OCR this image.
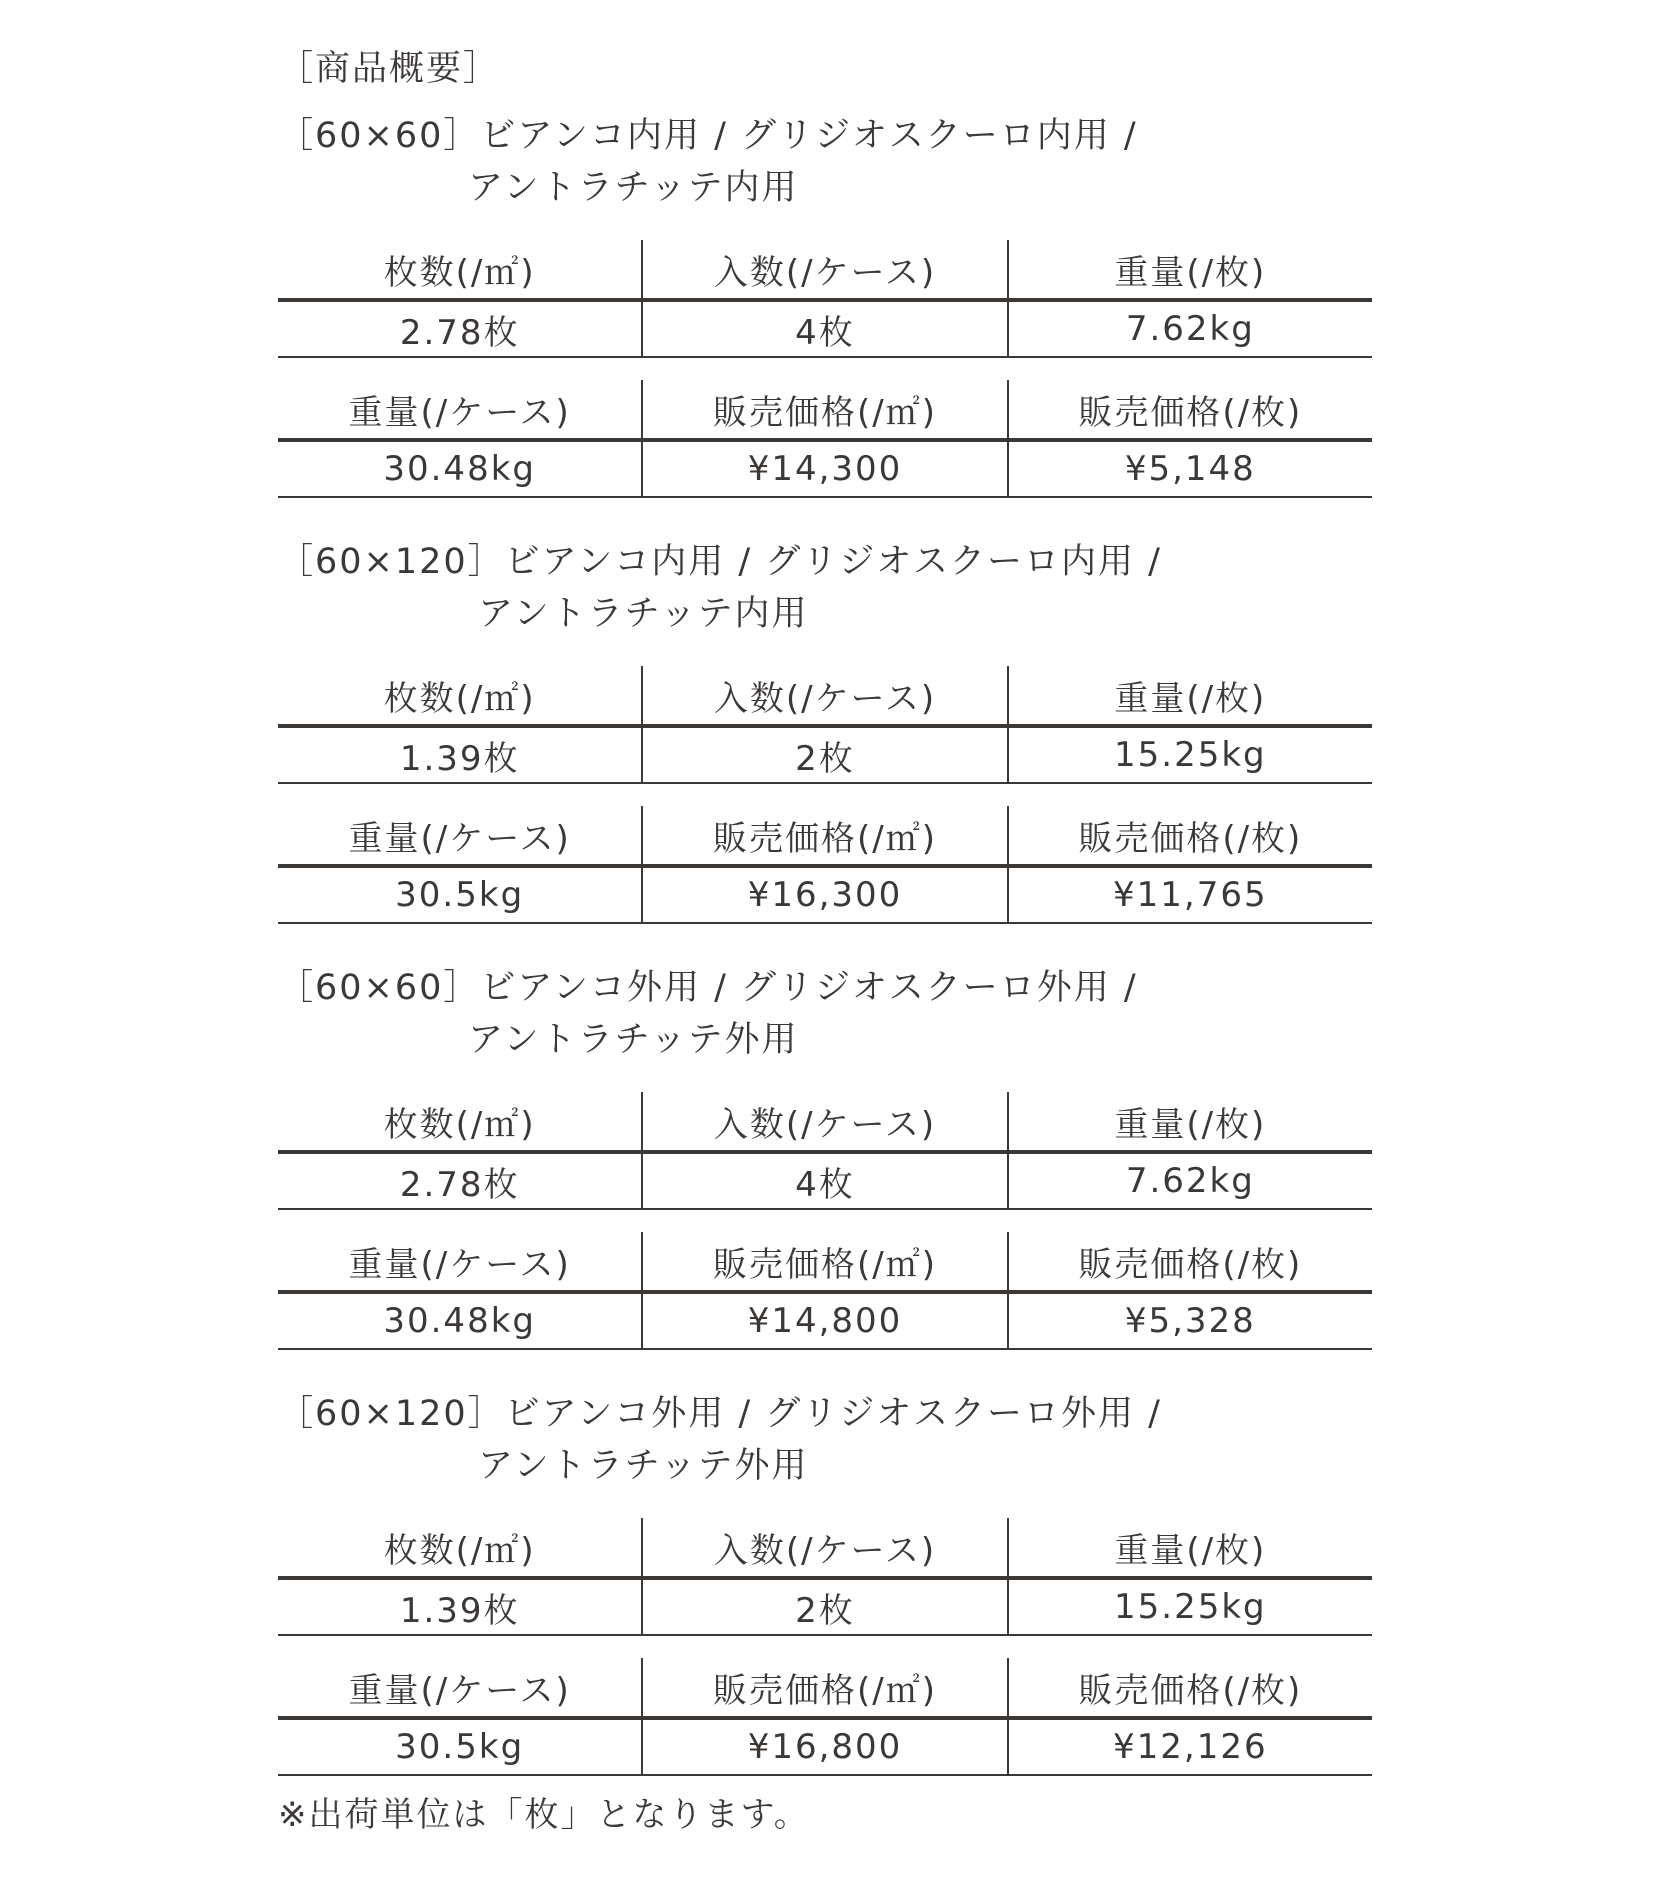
［商品概要］
［60×60］ビアンコ内用 / グリジオスクーロ内用 /
アントラチッテ内用
枚数(/㎡)	入数(/ケース)	重量(/枚)
2.78枚	4枚	7.62kg
重量(/ケース)	販売価格(/㎡)	販売価格(/枚)
30.48kg	¥14,300	¥5,148
［60×120］ビアンコ内用 / グリジオスクーロ内用 /
アントラチッテ内用
枚数(/㎡)	入数(/ケース)	重量(/枚)
1.39枚	2枚	15.25kg
重量(/ケース)	販売価格(/㎡)	販売価格(/枚)
30.5kg	¥16,300	¥11,765
［60×60］ビアンコ外用 / グリジオスクーロ外用 /
アントラチッテ外用
枚数(/㎡)	入数(/ケース)	重量(/枚)
2.78枚	4枚	7.62kg
重量(/ケース)	販売価格(/㎡)	販売価格(/枚)
30.48kg	¥14,800	¥5,328
［60×120］ビアンコ外用 / グリジオスクーロ外用 /
アントラチッテ外用
枚数(/㎡)	入数(/ケース)	重量(/枚)
1.39枚	2枚	15.25kg
重量(/ケース)	販売価格(/㎡)	販売価格(/枚)
30.5kg	¥16,800	¥12,126
※出荷単位は「枚」となります。
